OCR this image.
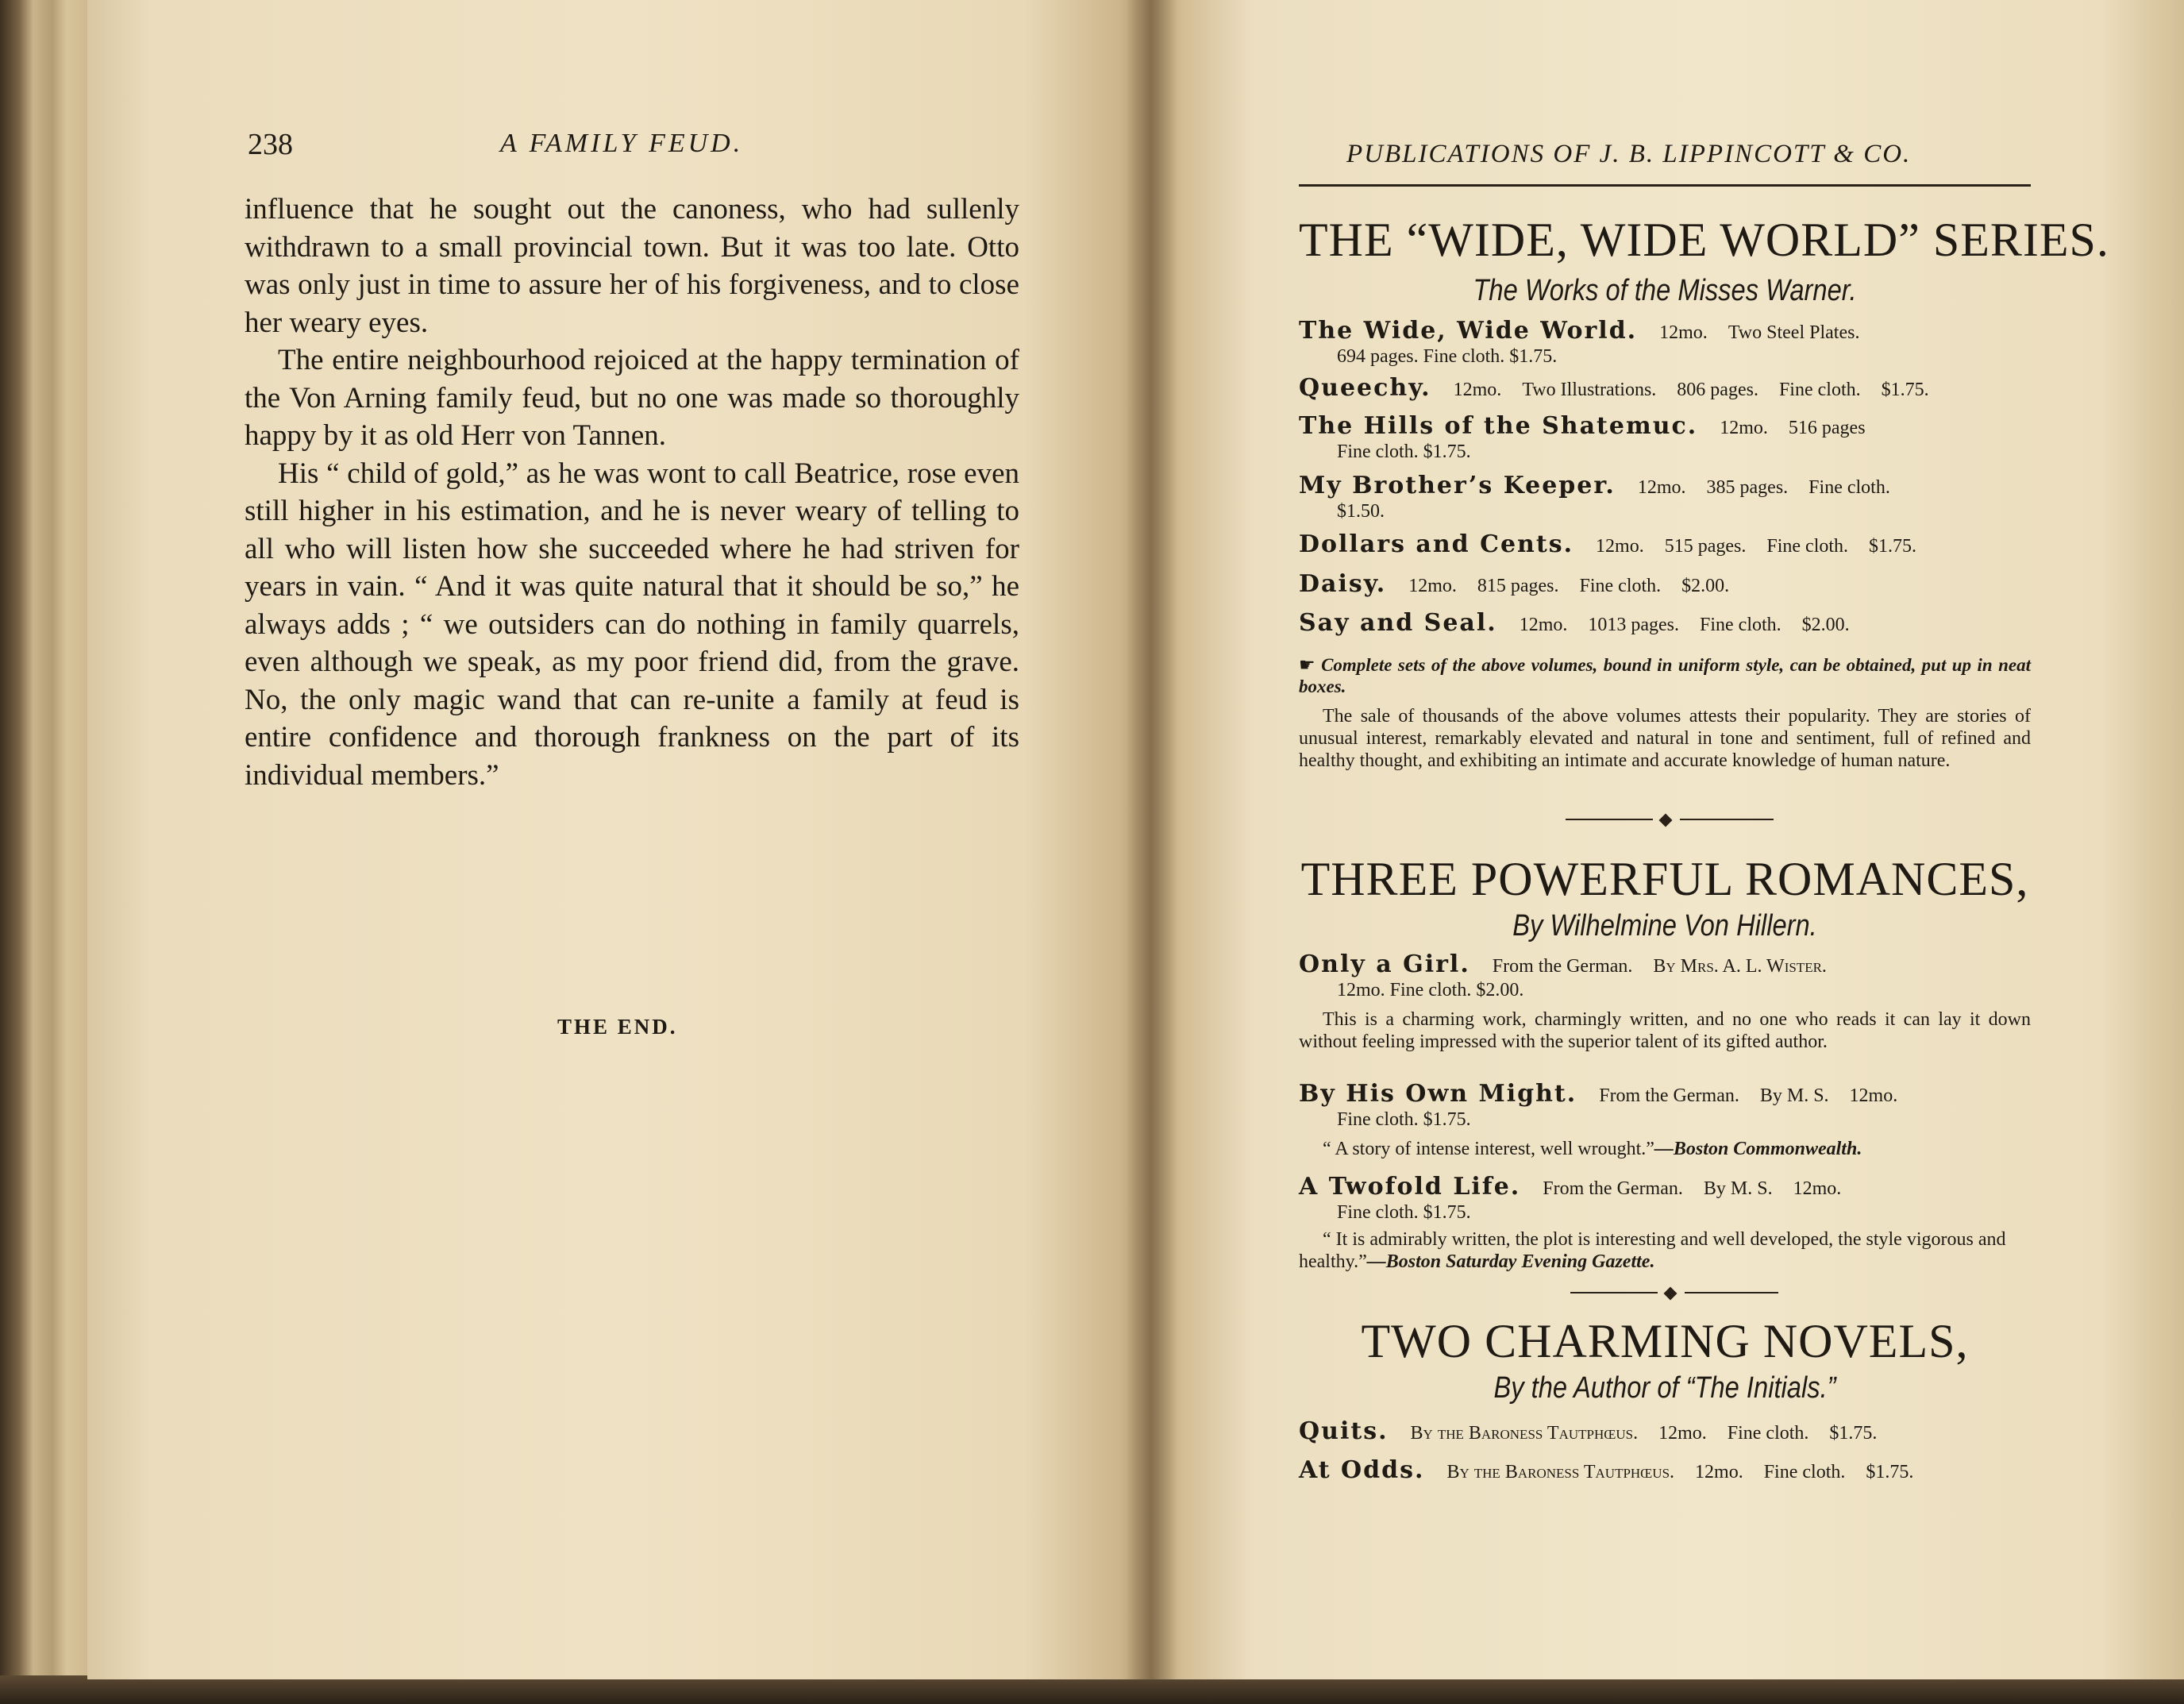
238	A FAMILY FEUD.

influence that he sought out the canoness, who had sullenly withdrawn to a small provincial town. But it was too late. Otto was only just in time to assure her of his forgiveness, and to close her weary eyes.

The entire neighbourhood rejoiced at the happy termination of the Von Arning family feud, but no one was made so thoroughly happy by it as old Herr von Tannen.

His “ child of gold,” as he was wont to call Beatrice, rose even still higher in his estimation, and he is never weary of telling to all who will listen how she succeeded where he had striven for years in vain. “ And it was quite natural that it should be so,” he always adds ; “ we outsiders can do nothing in family quarrels, even although we speak, as my poor friend did, from the grave. No, the only magic wand that can re-unite a family at feud is entire confidence and thorough frankness on the part of its individual members.”

THE END.
PUBLICATIONS OF J. B. LIPPINCOTT & CO.
THE “WIDE, WIDE WORLD” SERIES.
The Works of the Misses Warner.
The Wide, Wide World. 12mo. Two Steel Plates.
694 pages. Fine cloth. $1.75.
Queechy. 12mo. Two Illustrations. 806 pages. Fine cloth. $1.75.
The Hills of the Shatemuc. 12mo. 516 pages
Fine cloth. $1.75.
My Brother’s Keeper. 12mo. 385 pages. Fine cloth.
$1.50.
Dollars and Cents. 12mo. 515 pages. Fine cloth. $1.75.
Daisy. 12mo. 815 pages. Fine cloth. $2.00.
Say and Seal. 12mo. 1013 pages. Fine cloth. $2.00.
☛ Complete sets of the above volumes, bound in uniform style, can be obtained, put up in neat boxes.
The sale of thousands of the above volumes attests their popularity. They are stories of unusual interest, remarkably elevated and natural in tone and sentiment, full of refined and healthy thought, and exhibiting an intimate and accurate knowledge of human nature.
THREE POWERFUL ROMANCES,
By Wilhelmine Von Hillern.
Only a Girl. From the German. By Mrs. A. L. Wister.
12mo. Fine cloth. $2.00.
This is a charming work, charmingly written, and no one who reads it can lay it down without feeling impressed with the superior talent of its gifted author.
By His Own Might. From the German. By M. S. 12mo.
Fine cloth. $1.75.
“ A story of intense interest, well wrought.”—Boston Commonwealth.
A Twofold Life. From the German. By M. S. 12mo.
Fine cloth. $1.75.
“ It is admirably written, the plot is interesting and well developed, the style vigorous and healthy.”—Boston Saturday Evening Gazette.
TWO CHARMING NOVELS,
By the Author of “The Initials.”
Quits. By the Baroness Tautphœus. 12mo. Fine cloth. $1.75.
At Odds. By the Baroness Tautphœus. 12mo. Fine cloth. $1.75.
